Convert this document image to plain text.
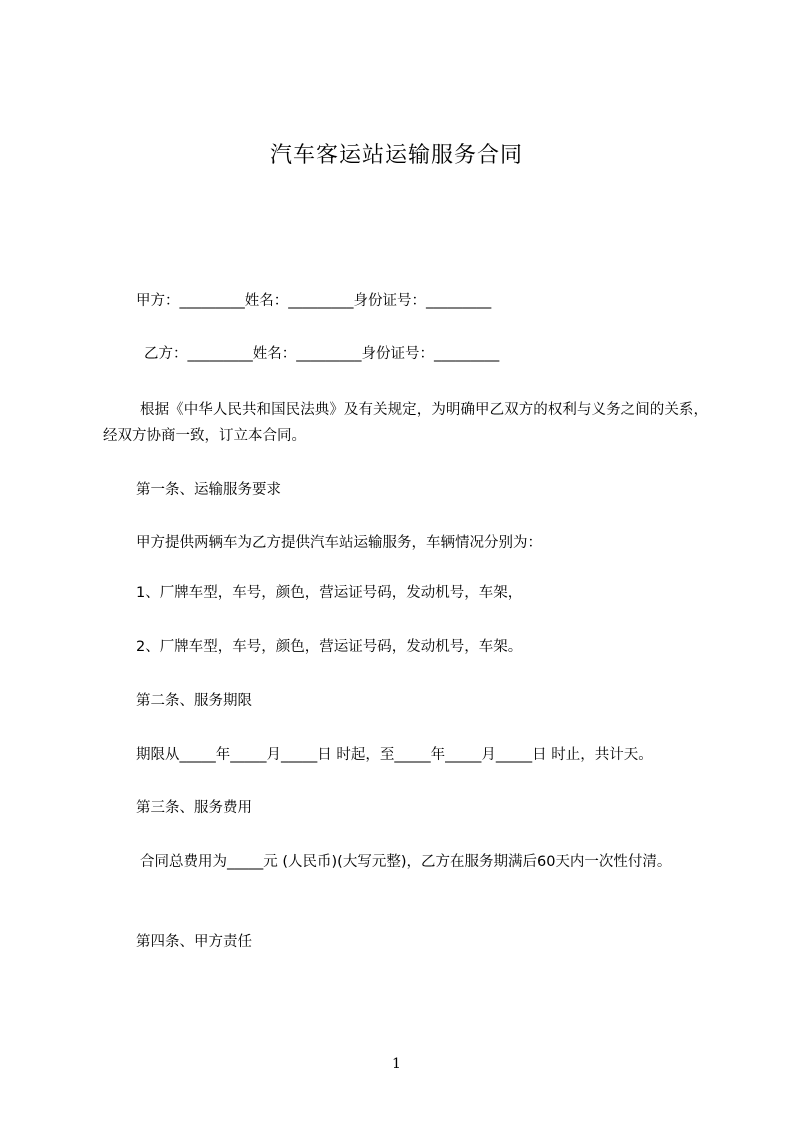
汽车客运站运输服务合同

甲方：_________姓名：_________身份证号：_________

乙方：_________姓名：_________身份证号：_________

根据《中华人民共和国民法典》及有关规定，为明确甲乙双方的权利与义务之间的关系，经双方协商一致，订立本合同。

第一条、运输服务要求

甲方提供两辆车为乙方提供汽车站运输服务，车辆情况分别为：

1、厂牌车型，车号，颜色，营运证号码，发动机号，车架，

2、厂牌车型，车号，颜色，营运证号码，发动机号，车架。

第二条、服务期限

期限从_____年_____月_____日 时起，至_____年_____月_____日 时止，共计天。

第三条、服务费用

合同总费用为_____元 (人民币)(大写元整)，乙方在服务期满后60天内一次性付清。

第四条、甲方责任

1
